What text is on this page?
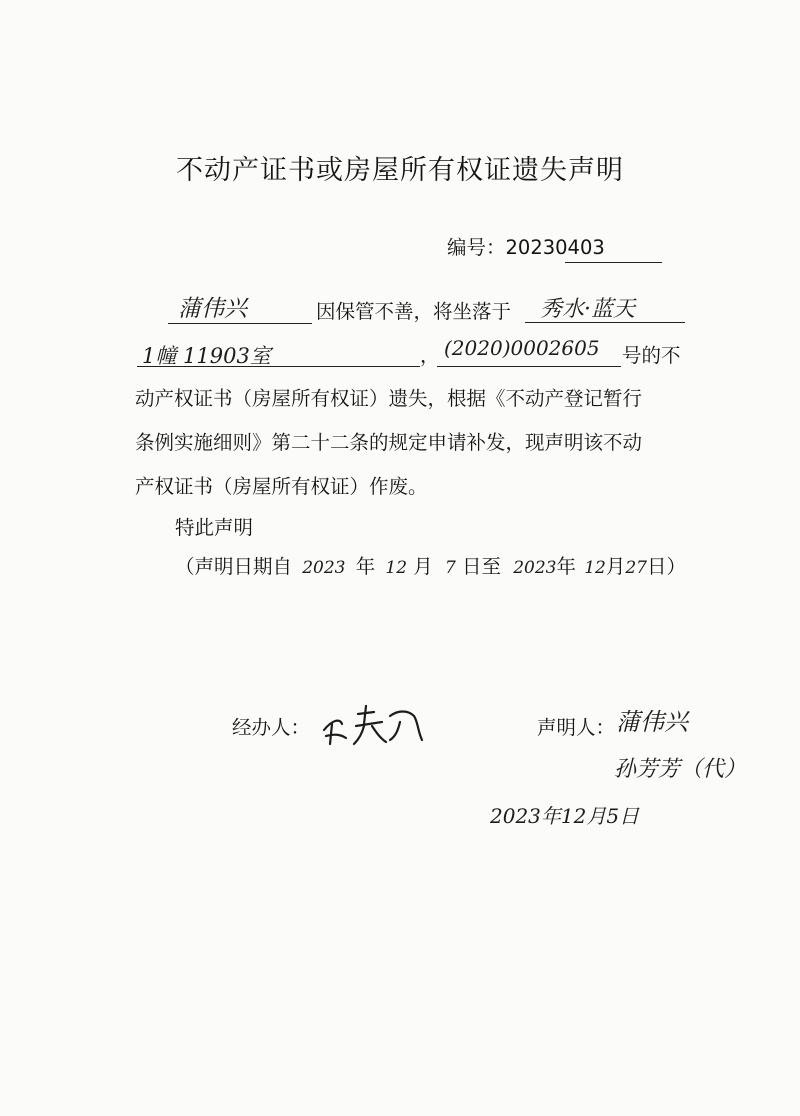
不动产证书或房屋所有权证遗失声明
编号：20230403
蒲伟兴	因保管不善，将坐落于 秀水·蓝天
1幢 11903室	， (2020)0002605 号的不
动产权证书（房屋所有权证）遗失，根据《不动产登记暂行
条例实施细则》第二十二条的规定申请补发，现声明该不动
产权证书（房屋所有权证）作废。
特此声明
（声明日期自 2023 年 12 月 7 日至 2023年 12月27日）
经办人：	声明人： 蒲伟兴
孙芳芳（代）
2023年12月5日
